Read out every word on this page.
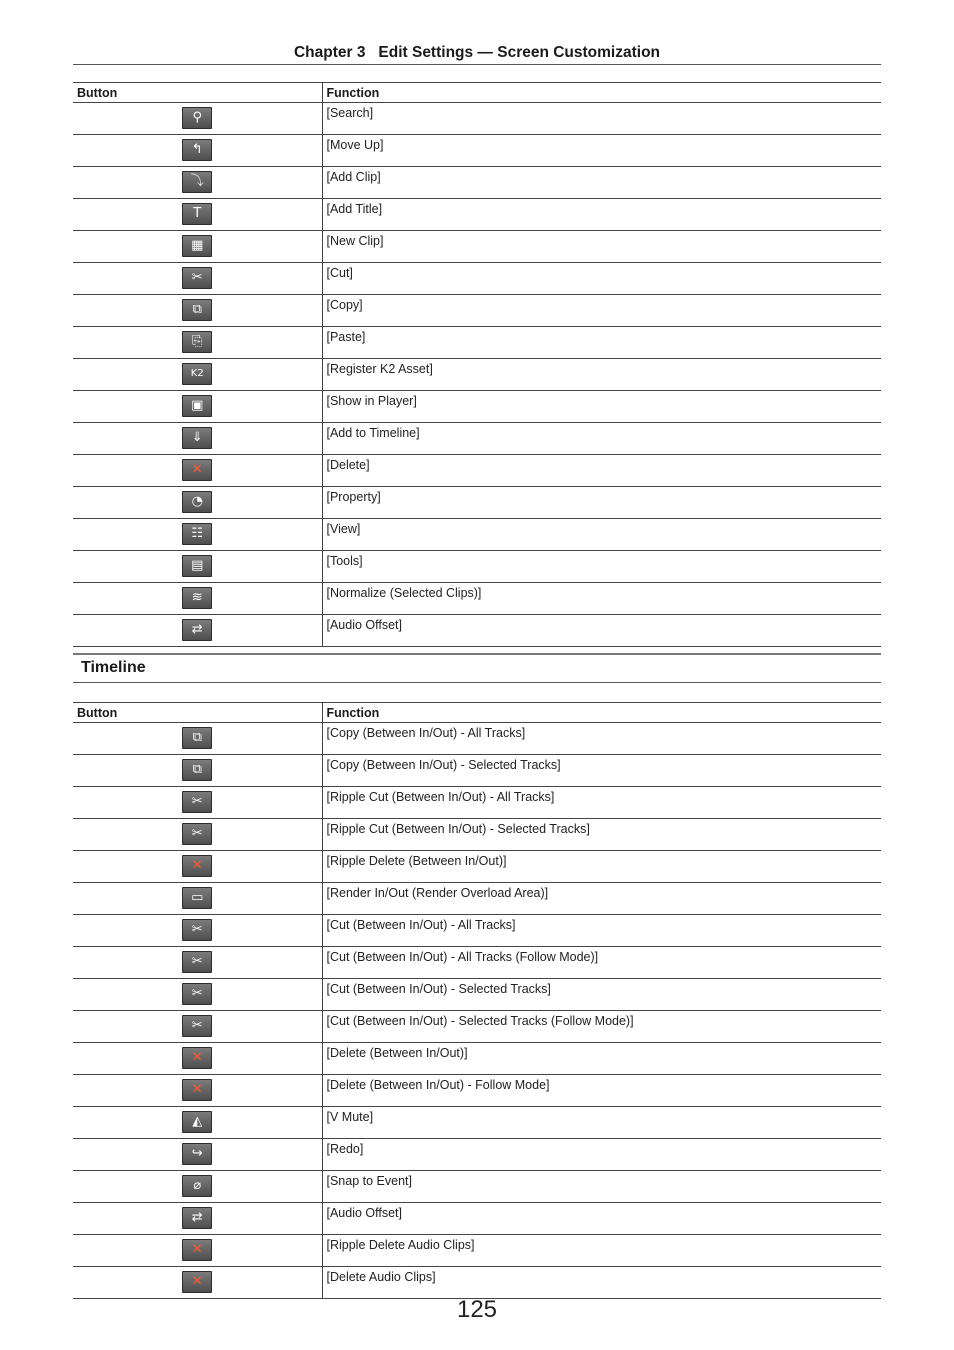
Chapter 3   Edit Settings — Screen Customization
Button	Function
⚲	[Search]
↰	[Move Up]
⤵	[Add Clip]
T	[Add Title]
▦	[New Clip]
✂	[Cut]
⧉	[Copy]
⎘	[Paste]
K2	[Register K2 Asset]
▣	[Show in Player]
⇓	[Add to Timeline]
✕	[Delete]
◔	[Property]
☷	[View]
▤	[Tools]
≋	[Normalize (Selected Clips)]
⇄	[Audio Offset]
Timeline
Button	Function
⧉	[Copy (Between In/Out) - All Tracks]
⧉	[Copy (Between In/Out) - Selected Tracks]
✂	[Ripple Cut (Between In/Out) - All Tracks]
✂	[Ripple Cut (Between In/Out) - Selected Tracks]
✕	[Ripple Delete (Between In/Out)]
▭	[Render In/Out (Render Overload Area)]
✂	[Cut (Between In/Out) - All Tracks]
✂	[Cut (Between In/Out) - All Tracks (Follow Mode)]
✂	[Cut (Between In/Out) - Selected Tracks]
✂	[Cut (Between In/Out) - Selected Tracks (Follow Mode)]
✕	[Delete (Between In/Out)]
✕	[Delete (Between In/Out) - Follow Mode]
◭	[V Mute]
↪	[Redo]
⌀	[Snap to Event]
⇄	[Audio Offset]
✕	[Ripple Delete Audio Clips]
✕	[Delete Audio Clips]
125
